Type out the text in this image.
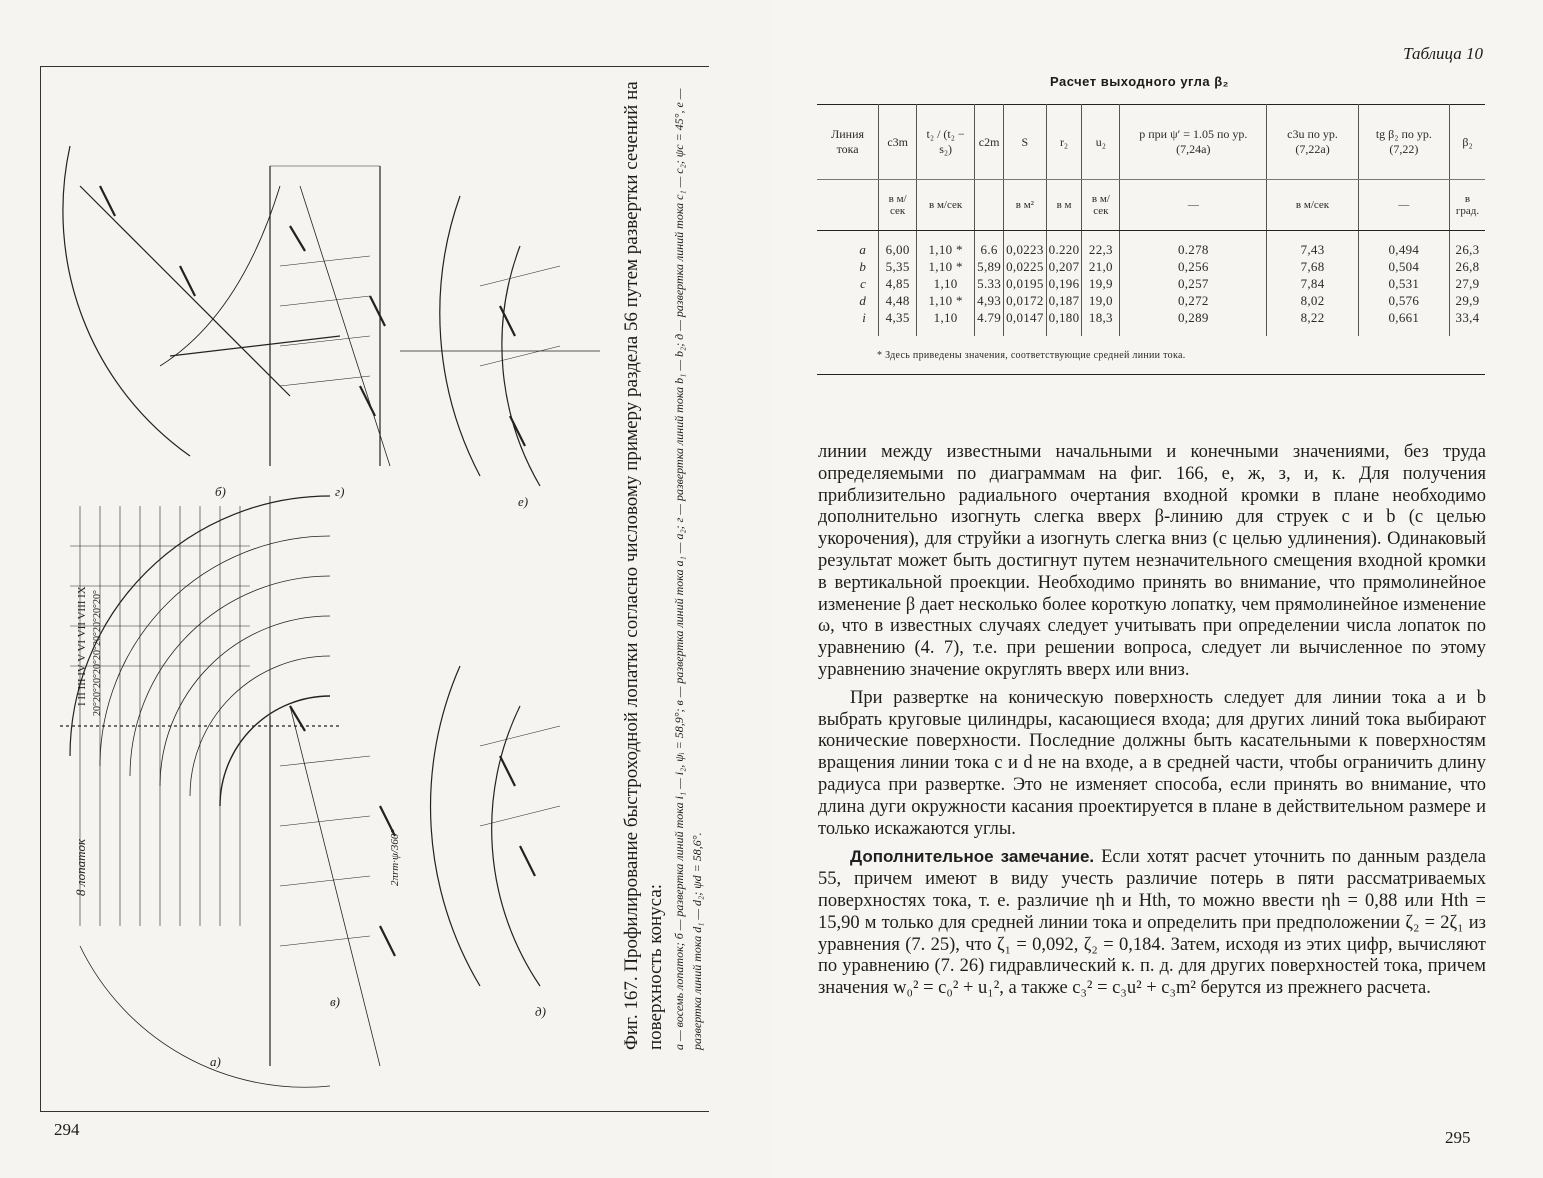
а)
б)
в)
г)
д)
е)
8 лопаток
I II III IV V VI VII VIII IX 20°20°20°20°20°20°20°20°20°
2πrm·ψ/360°	Фиг. 167. Профилирование быстроходной лопатки согласно числовому примеру раздела 56 путем развертки сечений на поверхность конуса: а — восемь лопаток; б — развертка линий тока i₁ — i₂, ψᵢ = 58,9°; в — развертка линий тока a₁ — a₂; г — развертка линий тока b₁ — b₂; д — развертка линий тока c₁ — c₂; ψc = 45°, е — развертка линий тока d₁ — d₂; ψd = 58,6°.
294	295
Таблица 10
Расчет выходного угла β₂
Линия тока	c3m	t₂ / (t₂ − s₂)	c2m	S	r₂	u₂	p при ψ′ = 1.05 по ур. (7,24а)	c3u по ур. (7,22а)	tg β₂ по ур. (7,22)	β₂
	в м/сек	в м/сек		в м²	в м	в м/сек	—	в м/сек	—	в град.

a	6,00	1,10 *	6.6	0,0223	0.220	22,3	0.278	7,43	0,494	26,3
b	5,35	1,10 *	5,89	0,0225	0,207	21,0	0,256	7,68	0,504	26,8
c	4,85	1,10	5.33	0,0195	0,196	19,9	0,257	7,84	0,531	27,9
d	4,48	1,10 *	4,93	0,0172	0,187	19,0	0,272	8,02	0,576	29,9
i	4,35	1,10	4.79	0,0147	0,180	18,3	0,289	8,22	0,661	33,4

* Здесь приведены значения, соответствующие средней линии тока.										

линии между известными начальными и конечными значениями, без труда определяемыми по диаграммам на фиг. 166, е, ж, з, и, к. Для получения приблизительно радиального очертания входной кромки в плане необходимо дополнительно изогнуть слегка вверх β-линию для струек c и b (с целью укорочения), для струйки a изогнуть слегка вниз (с целью удлинения). Одинаковый результат может быть достигнут путем незначительного смещения входной кромки в вертикальной проекции. Необходимо принять во внимание, что прямолинейное изменение β дает несколько более короткую лопатку, чем прямолинейное изменение ω, что в известных случаях следует учитывать при определении числа лопаток по уравнению (4. 7), т.е. при решении вопроса, следует ли вычисленное по этому уравнению значение округлять вверх или вниз.

При развертке на коническую поверхность следует для линии тока a и b выбрать круговые цилиндры, касающиеся входа; для других линий тока выбирают конические поверхности. Последние должны быть касательными к поверхностям вращения линии тока c и d не на входе, а в средней части, чтобы ограничить длину радиуса при развертке. Это не изменяет способа, если принять во внимание, что длина дуги окружности касания проектируется в плане в действительном размере и только искажаются углы.

Дополнительное замечание. Если хотят расчет уточнить по данным раздела 55, причем имеют в виду учесть различие потерь в пяти рассматриваемых поверхностях тока, т. е. различие ηh и Hth, то можно ввести ηh = 0,88 или Hth = 15,90 м только для средней линии тока и определить при предположении ζ₂ = 2ζ₁ из уравнения (7. 25), что ζ₁ = 0,092, ζ₂ = 0,184. Затем, исходя из этих цифр, вычисляют по уравнению (7. 26) гидравлический к. п. д. для других поверхностей тока, причем значения w₀² = c₀² + u₁², а также c₃² = c₃u² + c₃m² берутся из прежнего расчета.
